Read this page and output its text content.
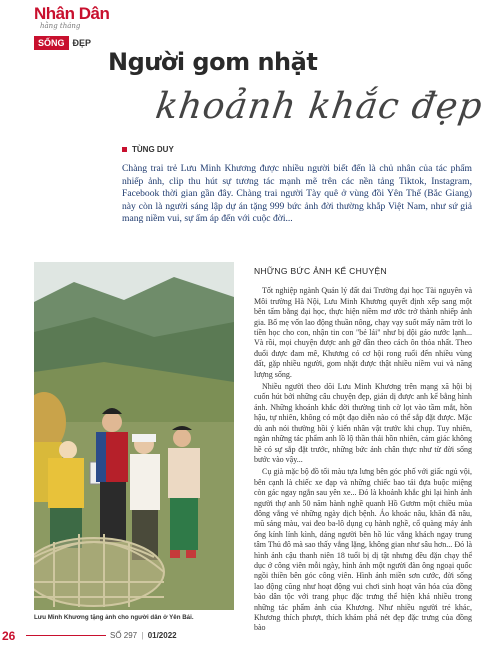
Nhân Dân
hằng tháng
SỐNG ĐẸP
Người gom nhặt
khoảnh khắc đẹp
TÙNG DUY
Chàng trai trẻ Lưu Minh Khương được nhiều người biết đến là chủ nhân của tác phẩm nhiếp ảnh, clip thu hút sự tương tác mạnh mẽ trên các nền tảng Tiktok, Instagram, Facebook thời gian gần đây. Chàng trai người Tày quê ở vùng đồi Yên Thế (Bắc Giang) này còn là người sáng lập dự án tặng 999 bức ảnh đời thường khắp Việt Nam, như sứ giả mang niềm vui, sự ấm áp đến với cuộc đời...
Lưu Minh Khương tặng ảnh cho người dân ở Yên Bái.
NHỮNG BỨC ẢNH KỂ CHUYỆN

Tốt nghiệp ngành Quản lý đất đai Trường đại học Tài nguyên và Môi trường Hà Nội, Lưu Minh Khương quyết định xếp sang một bên tấm bằng đại học, thực hiện niềm mơ ước trở thành nhiếp ảnh gia. Bố mẹ vốn lao động thuần nông, chạy vạy suốt mấy năm trời lo tiền học cho con, nhận tin con "bẻ lái" như bị dội gáo nước lạnh... Và rồi, mọi chuyện được anh gỡ dần theo cách ôn thỏa nhất. Theo đuổi được đam mê, Khương có cơ hội rong ruổi đến nhiều vùng đất, gặp nhiều người, gom nhặt được thật nhiều niềm vui và năng lượng sống.

Nhiều người theo dõi Lưu Minh Khương trên mạng xã hội bị cuốn hút bởi những câu chuyện đẹp, giản dị được anh kể bằng hình ảnh. Những khoảnh khắc đời thường tinh cờ lọt vào tầm mắt, hồn hậu, tự nhiên, không có một đạo diễn nào có thể sắp đặt được. Mặc dù anh nói thường hồi ý kiến nhân vật trước khi chụp. Tuy nhiên, ngàn những tác phẩm anh lồ lộ thần thái hồn nhiên, cảm giác không hề có sự sắp đặt trước, những bức ảnh chân thực như từ đời sống bước vào vậy...

Cụ già mặc bộ đồ tối màu tựa lưng bên góc phố với giấc ngủ vội, bên cạnh là chiếc xe đạp và những chiếc bao tải đựa buộc miệng còn gác ngay ngắn sau yên xe... Đó là khoảnh khắc ghi lại hình ảnh người thợ anh 50 năm hành nghề quanh Hồ Gươm một chiều mùa đông vắng vẻ những ngày dịch bệnh. Áo khoác nâu, khăn đã nâu, mũ sáng màu, vai đeo ba-lô dụng cụ hành nghề, cổ quàng máy ảnh ống kính lính kình, dáng người bên hồ lúc vắng khách ngay trung tâm Thủ đô mà sao thấy vắng lặng, không gian như sâu hơn... Đó là hình ảnh cậu thanh niên 18 tuổi bị dị tật nhưng đều đặn chạy thể dục ở công viên mỗi ngày, hình ảnh một người đàn ông ngoại quốc ngồi thiền bên góc công viên. Hình ảnh miền sơn cước, đời sống lao động cũng như hoạt động vui chơi sinh hoạt văn hóa của đồng bào dân tộc với trang phục đặc trưng thể hiện khá nhiều trong những tác phẩm ảnh của Khương. Như nhiều người trẻ khác, Khương thích phượt, thích khám phá nét đẹp đặc trưng của đồng bào

26	SỐ 297 | 01/2022
